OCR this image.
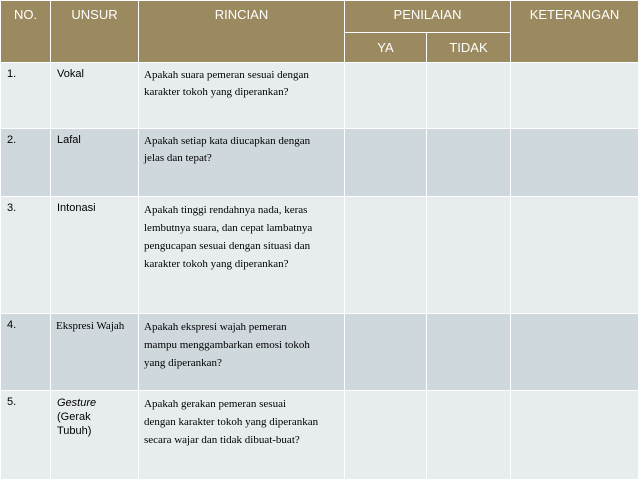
NO.	UNSUR	RINCIAN	PENILAIAN		KETERANGAN
			YA	TIDAK	
1.	Vokal	Apakah suara pemeran sesuai dengan
karakter tokoh yang diperankan?			

2.	Lafal	Apakah setiap kata diucapkan dengan
jelas dan tepat?			

3.	Intonasi	Apakah tinggi rendahnya nada, keras
lembutnya suara, dan cepat lambatnya
pengucapan sesuai dengan situasi dan
karakter tokoh yang diperankan?			

4.	Ekspresi Wajah	Apakah ekspresi wajah pemeran
mampu menggambarkan emosi tokoh
yang diperankan?			

5.	Gesture
(Gerak
Tubuh)	Apakah gerakan pemeran sesuai
dengan karakter tokoh yang diperankan
secara wajar dan tidak dibuat-buat?			
